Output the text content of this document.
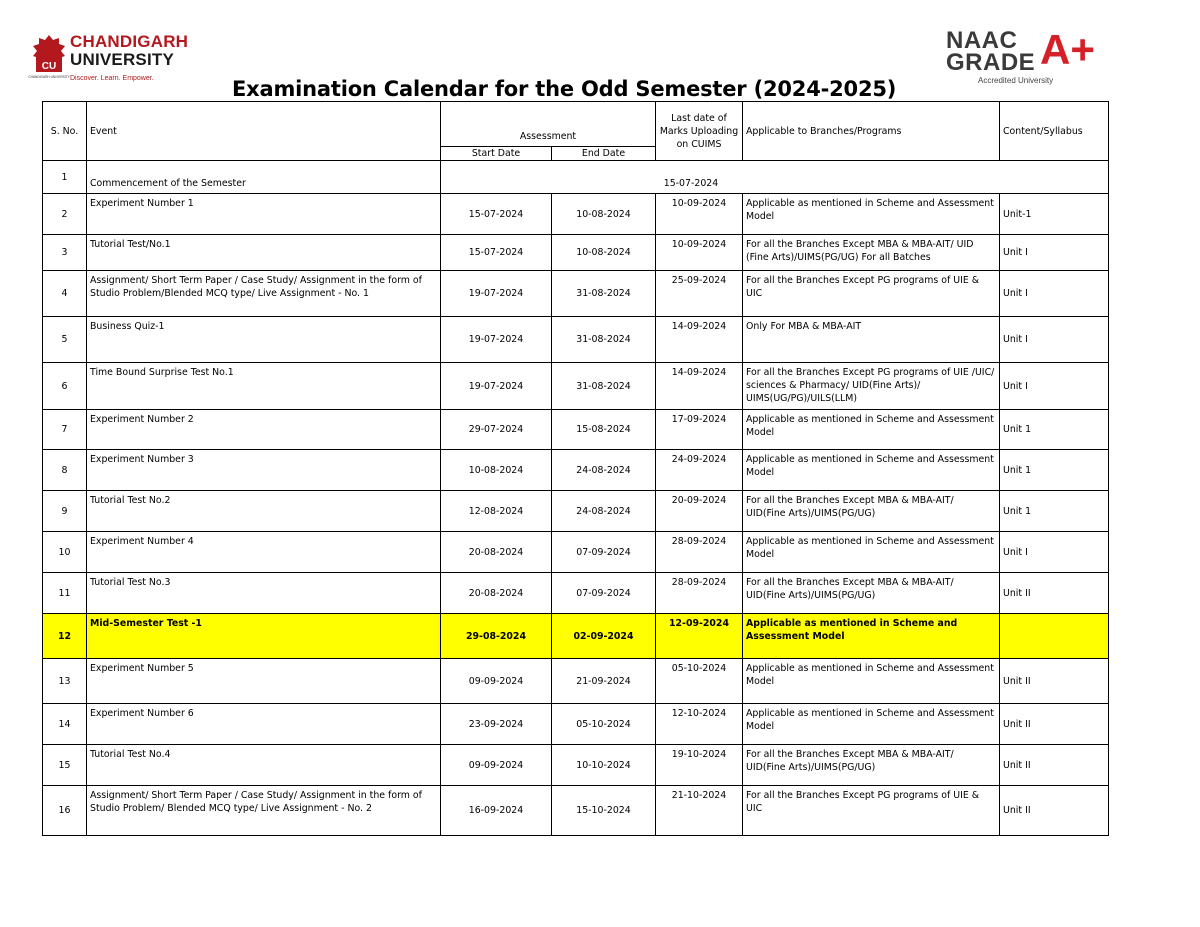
CU
CHANDIGARH UNIVERSITY
CHANDIGARH
UNIVERSITY
Discover. Learn. Empower.
NAAC
GRADE A+
Accredited University
Examination Calendar for the Odd Semester (2024-2025)
S. No.	Event	Assessment		Last date of Marks Uploading on CUIMS	Applicable to Branches/Programs	Content/Syllabus
		Start Date	End Date			
1	Commencement of the Semester	15-07-2024				
2	Experiment Number 1	15-07-2024	10-08-2024	10-09-2024	Applicable as mentioned in Scheme and Assessment Model	Unit-1
3	Tutorial Test/No.1	15-07-2024	10-08-2024	10-09-2024	For all the Branches Except MBA & MBA-AIT/ UID (Fine Arts)/UIMS(PG/UG) For all Batches	Unit I
4	Assignment/ Short Term Paper / Case Study/ Assignment in the form of Studio Problem/Blended MCQ type/ Live Assignment - No. 1	19-07-2024	31-08-2024	25-09-2024	For all the Branches Except PG programs of UIE & UIC	Unit I
5	Business Quiz-1	19-07-2024	31-08-2024	14-09-2024	Only For MBA & MBA-AIT	Unit I
6	Time Bound Surprise Test No.1	19-07-2024	31-08-2024	14-09-2024	For all the Branches Except PG programs of UIE /UIC/ sciences & Pharmacy/ UID(Fine Arts)/ UIMS(UG/PG)/UILS(LLM)	Unit I
7	Experiment Number 2	29-07-2024	15-08-2024	17-09-2024	Applicable as mentioned in Scheme and Assessment Model	Unit 1
8	Experiment Number 3	10-08-2024	24-08-2024	24-09-2024	Applicable as mentioned in Scheme and Assessment Model	Unit 1
9	Tutorial Test No.2	12-08-2024	24-08-2024	20-09-2024	For all the Branches Except MBA & MBA-AIT/ UID(Fine Arts)/UIMS(PG/UG)	Unit 1
10	Experiment Number 4	20-08-2024	07-09-2024	28-09-2024	Applicable as mentioned in Scheme and Assessment Model	Unit I
11	Tutorial Test No.3	20-08-2024	07-09-2024	28-09-2024	For all the Branches Except MBA & MBA-AIT/ UID(Fine Arts)/UIMS(PG/UG)	Unit II
12	Mid-Semester Test -1	29-08-2024	02-09-2024	12-09-2024	Applicable as mentioned in Scheme and Assessment Model	
13	Experiment Number 5	09-09-2024	21-09-2024	05-10-2024	Applicable as mentioned in Scheme and Assessment Model	Unit II
14	Experiment Number 6	23-09-2024	05-10-2024	12-10-2024	Applicable as mentioned in Scheme and Assessment Model	Unit II
15	Tutorial Test No.4	09-09-2024	10-10-2024	19-10-2024	For all the Branches Except MBA & MBA-AIT/ UID(Fine Arts)/UIMS(PG/UG)	Unit II
16	Assignment/ Short Term Paper / Case Study/ Assignment in the form of Studio Problem/ Blended MCQ type/ Live Assignment - No. 2	16-09-2024	15-10-2024	21-10-2024	For all the Branches Except PG programs of UIE & UIC	Unit II
